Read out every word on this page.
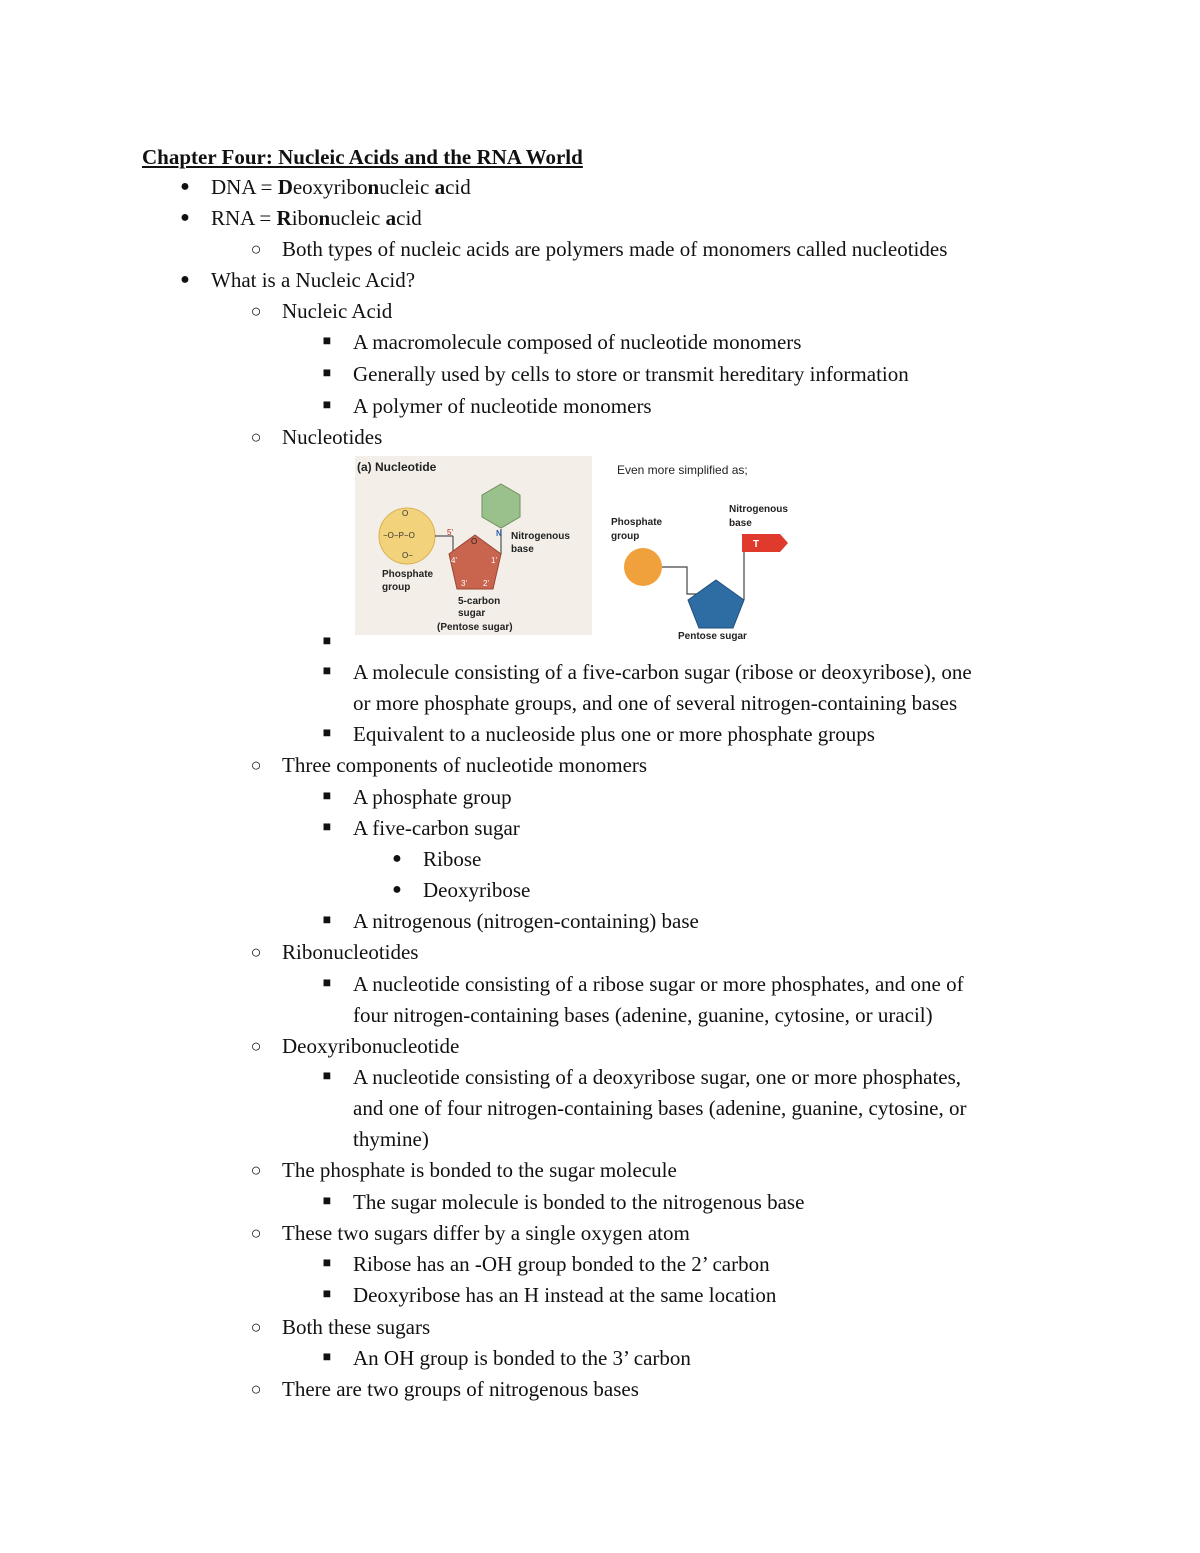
Chapter Four: Nucleic Acids and the RNA World
● DNA = Deoxyribonucleic acid
● RNA = Ribonucleic acid
○ Both types of nucleic acids are polymers made of monomers called nucleotides
● What is a Nucleic Acid?
○ Nucleic Acid
■ A macromolecule composed of nucleotide monomers
■ Generally used by cells to store or transmit hereditary information
■ A polymer of nucleotide monomers
○ Nucleotides
(a) Nucleotide
O
−O−P−O
O−
Phosphate
group
5'
O
4'	1'
3' 2'
5-carbon
sugar
(Pentose sugar)
N Nitrogenous
base
Even more simplified as;
Phosphate
group
T
Nitrogenous
base
Pentose sugar
■
■ A molecule consisting of a five-carbon sugar (ribose or deoxyribose), one
or more phosphate groups, and one of several nitrogen-containing bases
■ Equivalent to a nucleoside plus one or more phosphate groups
○ Three components of nucleotide monomers
■ A phosphate group
■ A five-carbon sugar
● Ribose
● Deoxyribose
■ A nitrogenous (nitrogen-containing) base
○ Ribonucleotides
■ A nucleotide consisting of a ribose sugar or more phosphates, and one of
four nitrogen-containing bases (adenine, guanine, cytosine, or uracil)
○ Deoxyribonucleotide
■ A nucleotide consisting of a deoxyribose sugar, one or more phosphates,
and one of four nitrogen-containing bases (adenine, guanine, cytosine, or
thymine)
○ The phosphate is bonded to the sugar molecule
■ The sugar molecule is bonded to the nitrogenous base
○ These two sugars differ by a single oxygen atom
■ Ribose has an -OH group bonded to the 2’ carbon
■ Deoxyribose has an H instead at the same location
○ Both these sugars
■ An OH group is bonded to the 3’ carbon
○ There are two groups of nitrogenous bases
